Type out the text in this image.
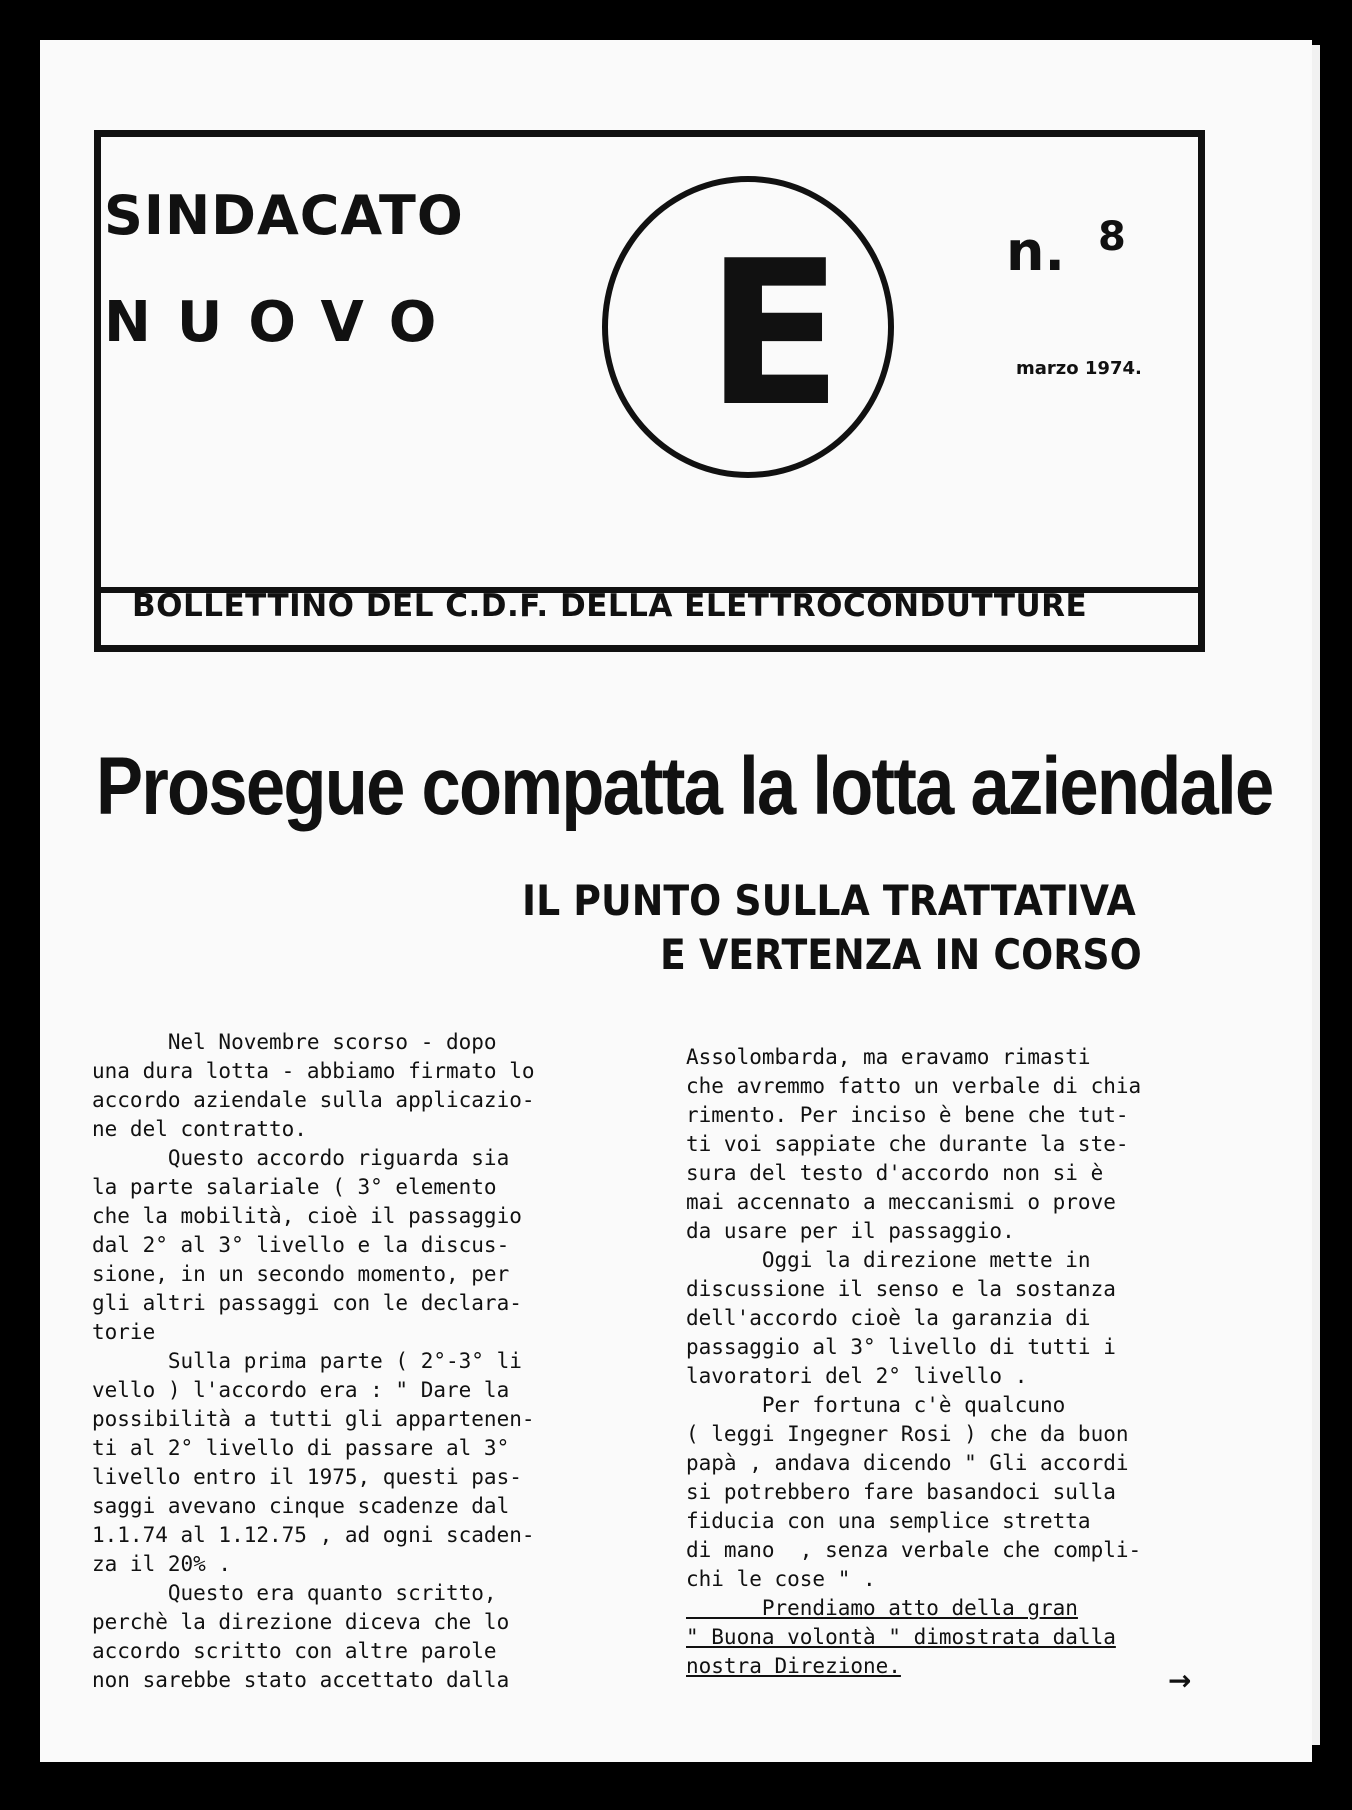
SINDACATO
NUOVO E	n. 8
marzo 1974.
BOLLETTINO DEL C.D.F. DELLA ELETTROCONDUTTURE
Prosegue compatta la lotta aziendale
IL PUNTO SULLA TRATTATIVA
E VERTENZA IN CORSO
Nel Novembre scorso - dopo
una dura lotta - abbiamo firmato lo
accordo aziendale sulla applicazio-
ne del contratto.
Questo accordo riguarda sia
la parte salariale ( 3° elemento
che la mobilità, cioè il passaggio
dal 2° al 3° livello e la discus-
sione, in un secondo momento, per
gli altri passaggi con le declara-
torie
Sulla prima parte ( 2°-3° li
vello ) l'accordo era : " Dare la
possibilità a tutti gli appartenen-
ti al 2° livello di passare al 3°
livello entro il 1975, questi pas-
saggi avevano cinque scadenze dal
1.1.74 al 1.12.75 , ad ogni scaden-
za il 20% .
Questo era quanto scritto,
perchè la direzione diceva che lo
accordo scritto con altre parole
non sarebbe stato accettato dalla
Assolombarda, ma eravamo rimasti
che avremmo fatto un verbale di chia
rimento. Per inciso è bene che tut-
ti voi sappiate che durante la ste-
sura del testo d'accordo non si è
mai accennato a meccanismi o prove
da usare per il passaggio.
Oggi la direzione mette in
discussione il senso e la sostanza
dell'accordo cioè la garanzia di
passaggio al 3° livello di tutti i
lavoratori del 2° livello .
Per fortuna c'è qualcuno
( leggi Ingegner Rosi ) che da buon
papà , andava dicendo " Gli accordi
si potrebbero fare basandoci sulla
fiducia con una semplice stretta
di mano  , senza verbale che compli-
chi le cose " .
Prendiamo atto della gran
" Buona volontà " dimostrata dalla
nostra Direzione.	→
